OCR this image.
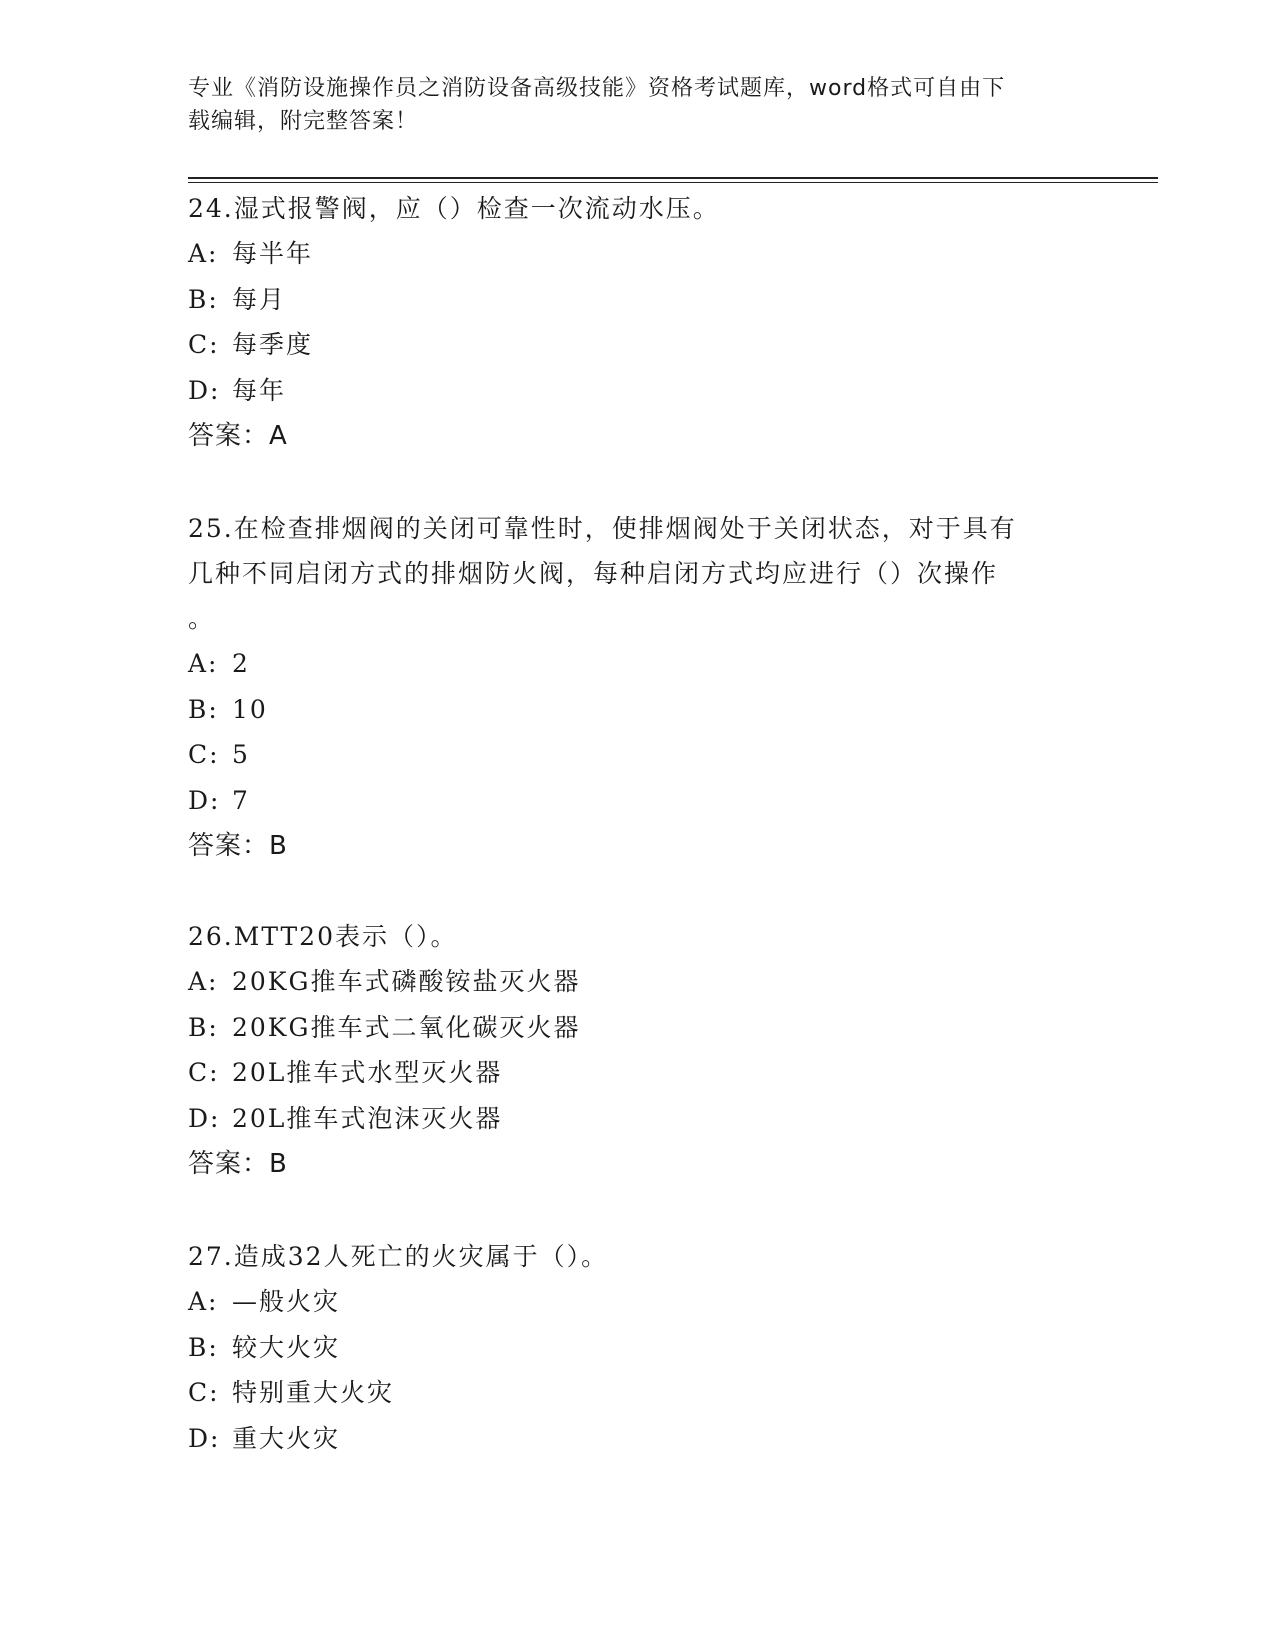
专业《消防设施操作员之消防设备高级技能》资格考试题库，word格式可自由下
载编辑，附完整答案！

24.湿式报警阀，应（）检查一次流动水压。

A: 每半年

B: 每月

C: 每季度

D: 每年

答案：A

25.在检查排烟阀的关闭可靠性时，使排烟阀处于关闭状态，对于具有

几种不同启闭方式的排烟防火阀，每种启闭方式均应进行（）次操作

。

A: 2

B: 10

C: 5

D: 7

答案：B

26.MTT20表示（）。

A: 20KG推车式磷酸铵盐灭火器

B: 20KG推车式二氧化碳灭火器

C: 20L推车式水型灭火器

D: 20L推车式泡沫灭火器

答案：B

27.造成32人死亡的火灾属于（）。

A: —般火灾

B: 较大火灾

C: 特别重大火灾

D: 重大火灾
